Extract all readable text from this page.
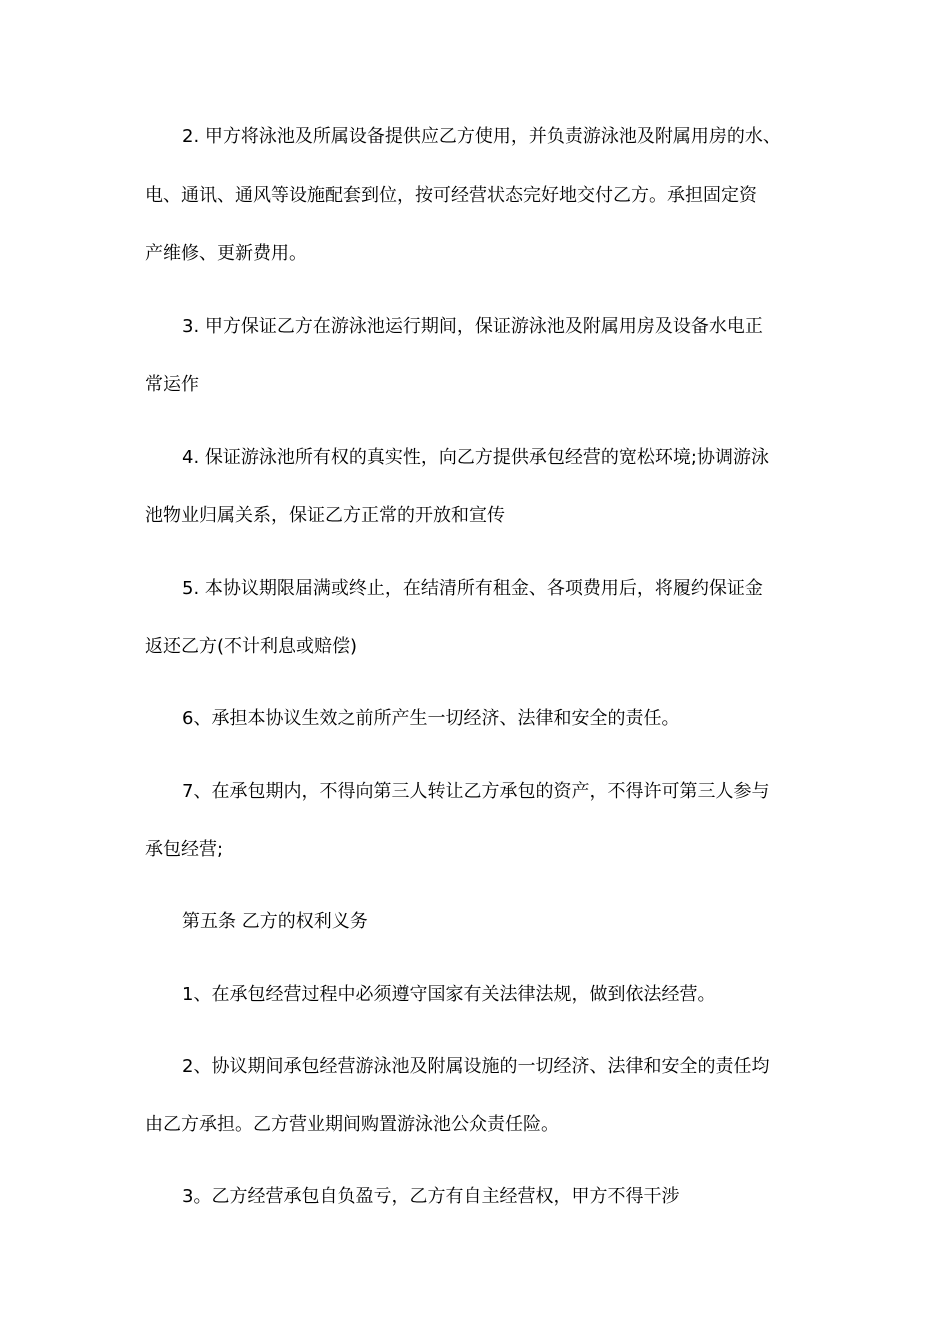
2. 甲方将泳池及所属设备提供应乙方使用，并负责游泳池及附属用房的水、
电、通讯、通风等设施配套到位，按可经营状态完好地交付乙方。承担固定资
产维修、更新费用。
3. 甲方保证乙方在游泳池运行期间，保证游泳池及附属用房及设备水电正
常运作
4. 保证游泳池所有权的真实性，向乙方提供承包经营的宽松环境;协调游泳
池物业归属关系，保证乙方正常的开放和宣传
5. 本协议期限届满或终止，在结清所有租金、各项费用后，将履约保证金
返还乙方(不计利息或赔偿)
6、承担本协议生效之前所产生一切经济、法律和安全的责任。
7、在承包期内，不得向第三人转让乙方承包的资产，不得许可第三人参与
承包经营;
第五条 乙方的权利义务
1、在承包经营过程中必须遵守国家有关法律法规，做到依法经营。
2、协议期间承包经营游泳池及附属设施的一切经济、法律和安全的责任均
由乙方承担。乙方营业期间购置游泳池公众责任险。
3。乙方经营承包自负盈亏，乙方有自主经营权，甲方不得干涉
